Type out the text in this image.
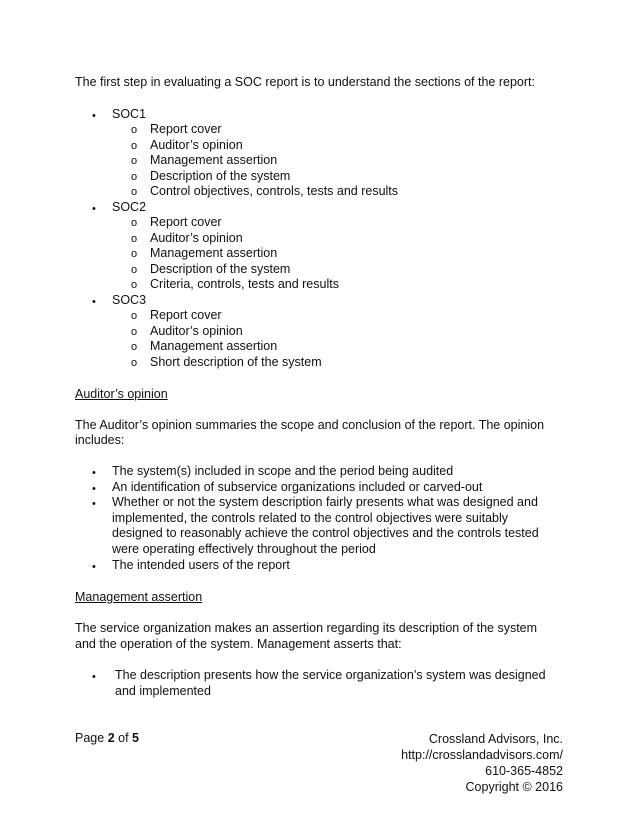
The first step in evaluating a SOC report is to understand the sections of the report:
• SOC1
o Report cover
o Auditor’s opinion
o Management assertion
o Description of the system
o Control objectives, controls, tests and results
• SOC2
o Report cover
o Auditor’s opinion
o Management assertion
o Description of the system
o Criteria, controls, tests and results
• SOC3
o Report cover
o Auditor’s opinion
o Management assertion
o Short description of the system
Auditor’s opinion
The Auditor’s opinion summaries the scope and conclusion of the report. The opinion
includes:
• The system(s) included in scope and the period being audited
• An identification of subservice organizations included or carved-out
• Whether or not the system description fairly presents what was designed and
implemented, the controls related to the control objectives were suitably
designed to reasonably achieve the control objectives and the controls tested
were operating effectively throughout the period
• The intended users of the report
Management assertion
The service organization makes an assertion regarding its description of the system
and the operation of the system. Management asserts that:
• The description presents how the service organization’s system was designed
and implemented
Page 2 of 5	Crossland Advisors, Inc.
http://crosslandadvisors.com/
610-365-4852
Copyright © 2016
